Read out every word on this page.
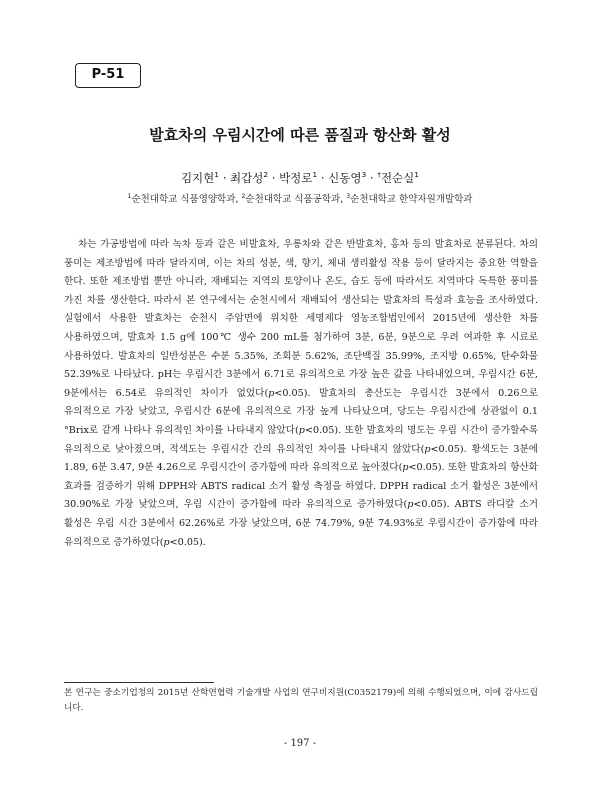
P-51
발효차의 우림시간에 따른 품질과 항산화 활성
김지현$^1$ · 최갑성$^2$ · 박정로$^1$ · 신동영$^3$ · †전순실$^1$
$^1$순천대학교 식품영양학과, $^2$순천대학교 식품공학과, $^3$순천대학교 한약자원개발학과

차는 가공방법에 따라 녹차 등과 같은 비발효차, 우롱차와 같은 반발효차, 홍차 등의 발효차로 분류된다. 차의 풍미는 제조방법에 따라 달라지며, 이는 차의 성분, 색, 향기, 체내 생리활성 작용 등이 달라지는 중요한 역할을 한다. 또한 제조방법 뿐만 아니라, 재배되는 지역의 토양이나 온도, 습도 등에 따라서도 지역마다 독특한 풍미를 가진 차를 생산한다. 따라서 본 연구에서는 순천시에서 재배되어 생산되는 발효차의 특성과 효능을 조사하였다. 실험에서 사용한 발효차는 순천시 주암면에 위치한 세명제다 영농조합법인에서 2015년에 생산한 차를 사용하였으며, 발효차 1.5 g에 100℃ 생수 200 mL를 첨가하여 3분, 6분, 9분으로 우려 여과한 후 시료로 사용하였다. 발효차의 일반성분은 수분 5.35%, 조회분 5.62%, 조단백질 35.99%, 조지방 0.65%, 탄수화물 52.39%로 나타났다. pH는 우림시간 3분에서 6.71로 유의적으로 가장 높은 값을 나타내었으며, 우림시간 6분, 9분에서는 6.54로 유의적인 차이가 없었다(p<0.05). 발효차의 총산도는 우림시간 3분에서 0.26으로 유의적으로 가장 낮았고, 우림시간 6분에 유의적으로 가장 높게 나타났으며, 당도는 우림시간에 상관없이 0.1 °Brix로 같게 나타나 유의적인 차이를 나타내지 않았다(p<0.05). 또한 발효차의 명도는 우림 시간이 증가할수록 유의적으로 낮아졌으며, 적색도는 우림시간 간의 유의적인 차이를 나타내지 않았다(p<0.05). 황색도는 3분에 1.89, 6분 3.47, 9분 4.26으로 우림시간이 증가함에 따라 유의적으로 높아졌다(p<0.05). 또한 발효차의 항산화 효과를 검증하기 위해 DPPH와 ABTS radical 소거 활성 측정을 하였다. DPPH radical 소거 활성은 3분에서 30.90%로 가장 낮았으며, 우림 시간이 증가함에 따라 유의적으로 증가하였다(p<0.05). ABTS 라디칼 소거 활성은 우림 시간 3분에서 62.26%로 가장 낮았으며, 6분 74.79%, 9분 74.93%로 우림시간이 증가함에 따라 유의적으로 증가하였다(p<0.05).

본 연구는 중소기업청의 2015년 산학연협력 기술개발 사업의 연구비지원(C0352179)에 의해 수행되었으며, 이에 감사드립니다.

- 197 -
